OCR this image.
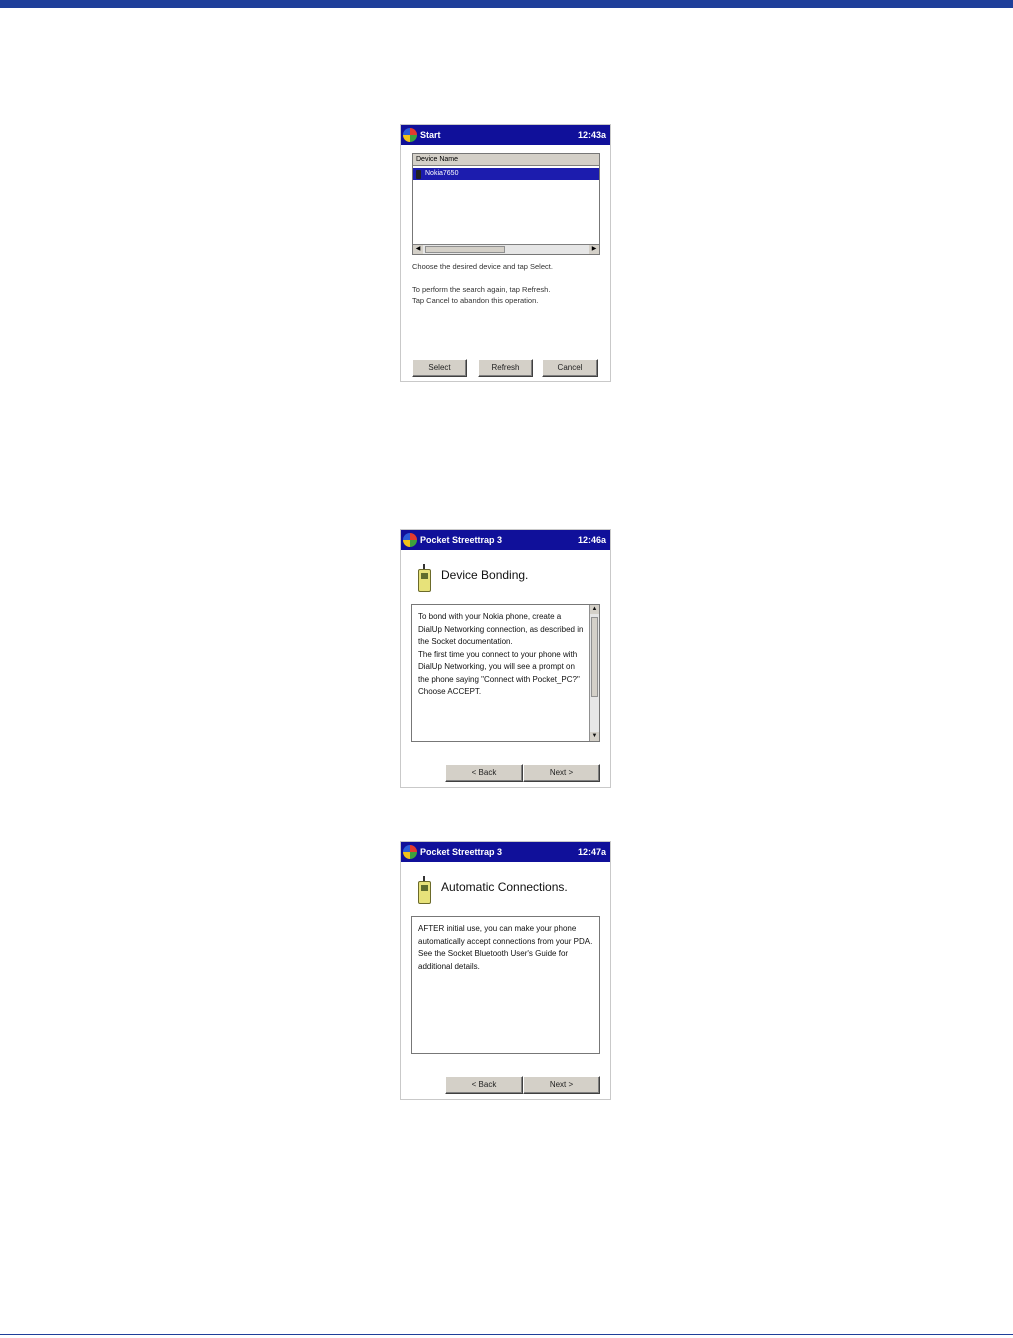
Start	12:43a
Device Name
Nokia7650
◀	▶
Choose the desired device and tap Select.
To perform the search again, tap Refresh.
Tap Cancel to abandon this operation.
Select	Refresh	Cancel
Pocket Streettrap 3	12:46a
Device Bonding.

To bond with your Nokia phone, create a DialUp Networking connection, as described in the Socket documentation.

The first time you connect to your phone with DialUp Networking, you will see a prompt on the phone saying "Connect with Pocket_PC?" Choose ACCEPT.

▲
▼
< Back	Next >
Pocket Streettrap 3	12:47a
Automatic Connections.

AFTER initial use, you can make your phone automatically accept connections from your PDA.

See the Socket Bluetooth User's Guide for additional details.

< Back	Next >
